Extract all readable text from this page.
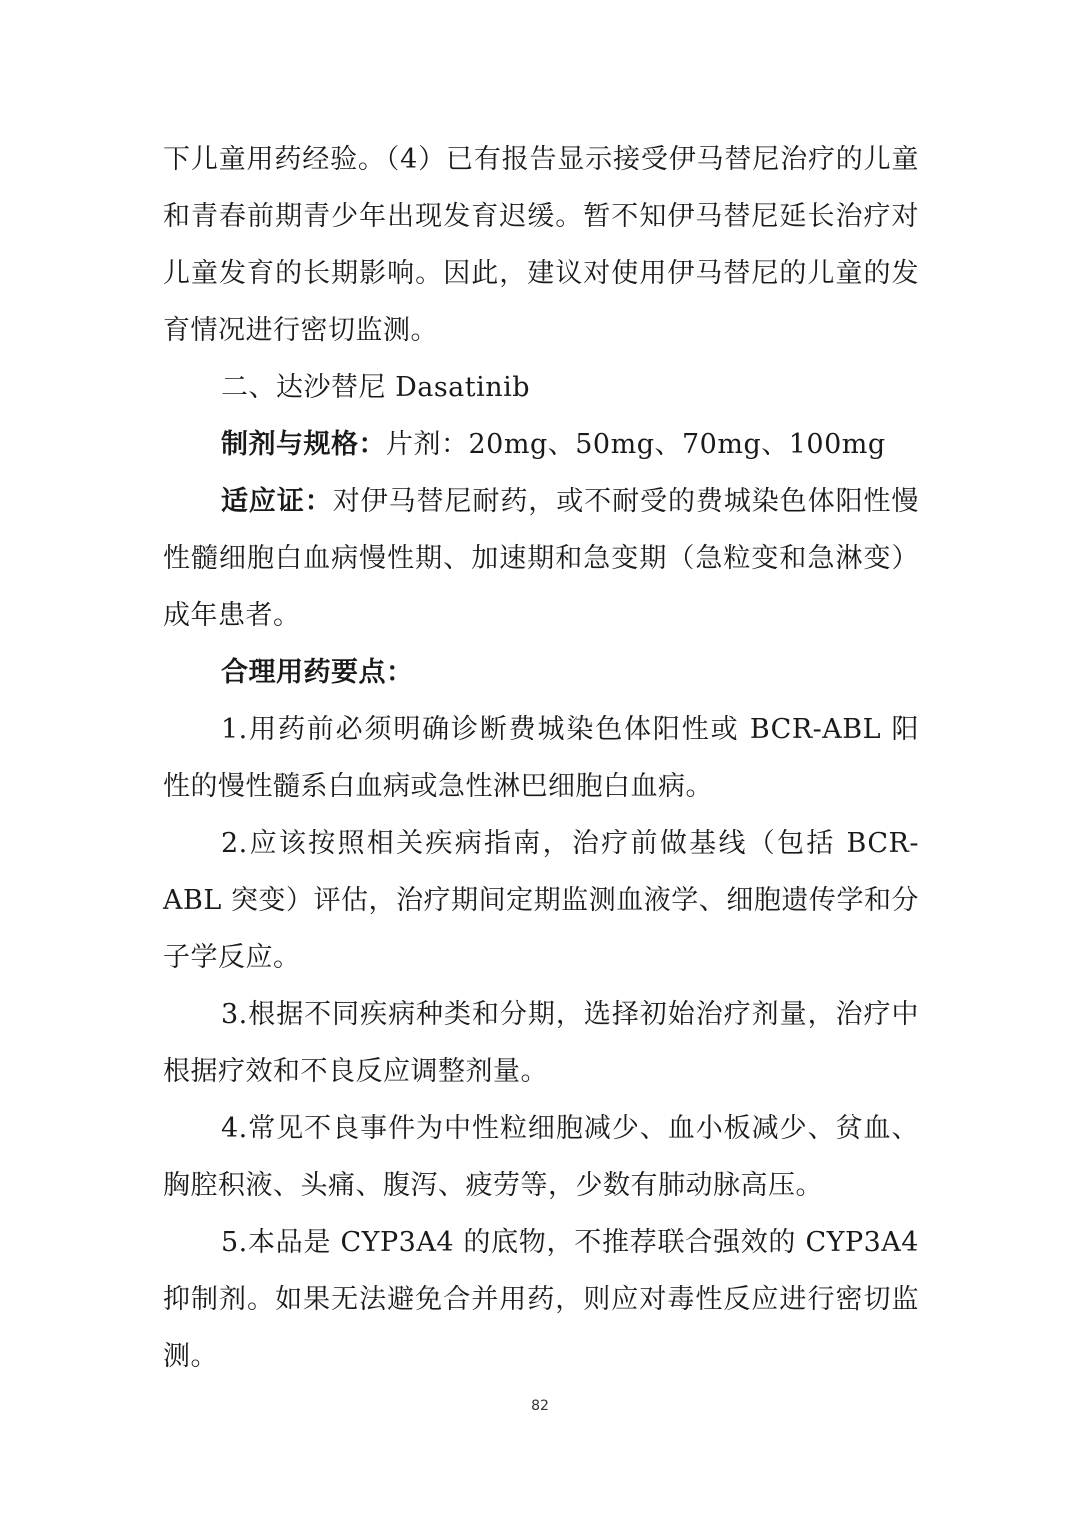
下儿童用药经验。（4）已有报告显示接受伊马替尼治疗的儿童和青春前期青少年出现发育迟缓。暂不知伊马替尼延长治疗对儿童发育的长期影响。因此，建议对使用伊马替尼的儿童的发育情况进行密切监测。

二、达沙替尼 Dasatinib

制剂与规格：片剂：20mg、50mg、70mg、100mg

适应证：对伊马替尼耐药，或不耐受的费城染色体阳性慢性髓细胞白血病慢性期、加速期和急变期（急粒变和急淋变）成年患者。

合理用药要点：

1.用药前必须明确诊断费城染色体阳性或 BCR-ABL 阳性的慢性髓系白血病或急性淋巴细胞白血病。

2.应该按照相关疾病指南，治疗前做基线（包括 BCR-ABL 突变）评估，治疗期间定期监测血液学、细胞遗传学和分子学反应。

3.根据不同疾病种类和分期，选择初始治疗剂量，治疗中根据疗效和不良反应调整剂量。

4.常见不良事件为中性粒细胞减少、血小板减少、贫血、胸腔积液、头痛、腹泻、疲劳等，少数有肺动脉高压。

5.本品是 CYP3A4 的底物，不推荐联合强效的 CYP3A4 抑制剂。如果无法避免合并用药，则应对毒性反应进行密切监测。

82
